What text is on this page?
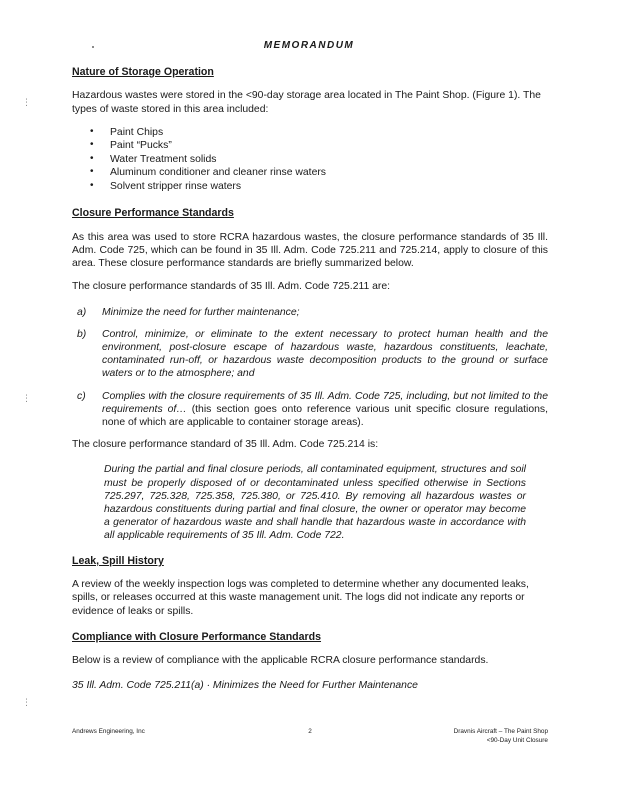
MEMORANDUM
⋮
⋮
⋮
Nature of Storage Operation

Hazardous wastes were stored in the <90-day storage area located in The Paint Shop. (Figure 1). The types of waste stored in this area included:

• Paint Chips
• Paint “Pucks”
• Water Treatment solids
• Aluminum conditioner and cleaner rinse waters
• Solvent stripper rinse waters
Closure Performance Standards

As this area was used to store RCRA hazardous wastes, the closure performance standards of 35 Ill. Adm. Code 725, which can be found in 35 Ill. Adm. Code 725.211 and 725.214, apply to closure of this area. These closure performance standards are briefly summarized below.

The closure performance standards of 35 Ill. Adm. Code 725.211 are:

a)	Minimize the need for further maintenance;
b)	Control, minimize, or eliminate to the extent necessary to protect human health and the environment, post-closure escape of hazardous waste, hazardous constituents, leachate, contaminated run-off, or hazardous waste decomposition products to the ground or surface waters or to the atmosphere; and
c)	Complies with the closure requirements of 35 Ill. Adm. Code 725, including, but not limited to the requirements of… (this section goes onto reference various unit specific closure regulations, none of which are applicable to container storage areas).

The closure performance standard of 35 Ill. Adm. Code 725.214 is:

During the partial and final closure periods, all contaminated equipment, structures and soil must be properly disposed of or decontaminated unless specified otherwise in Sections 725.297, 725.328, 725.358, 725.380, or 725.410. By removing all hazardous wastes or hazardous constituents during partial and final closure, the owner or operator may become a generator of hazardous waste and shall handle that hazardous waste in accordance with all applicable requirements of 35 Ill. Adm. Code 722.

Leak, Spill History

A review of the weekly inspection logs was completed to determine whether any documented leaks, spills, or releases occurred at this waste management unit. The logs did not indicate any reports or evidence of leaks or spills.

Compliance with Closure Performance Standards

Below is a review of compliance with the applicable RCRA closure performance standards.

35 Ill. Adm. Code 725.211(a) · Minimizes the Need for Further Maintenance

Andrews Engineering, Inc	2	Dravnis Aircraft – The Paint Shop
<90-Day Unit Closure
